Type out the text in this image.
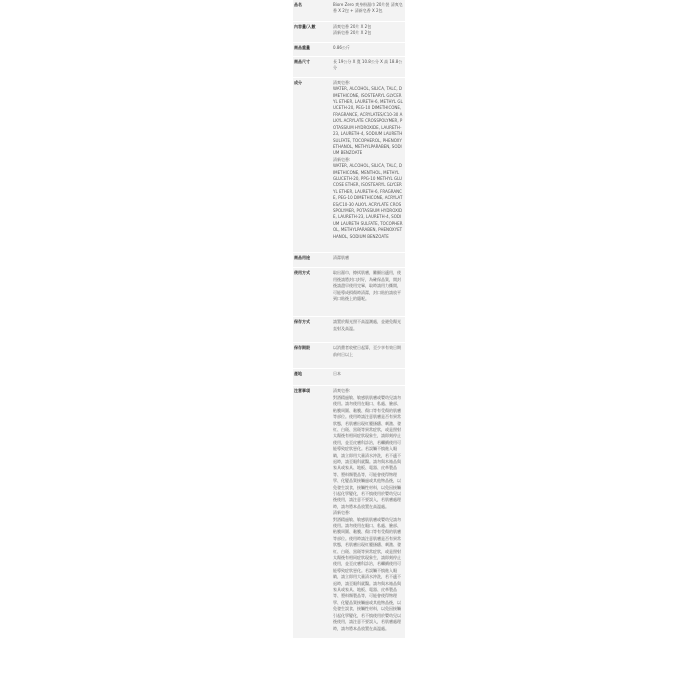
品名	Biore Zero 爽身粉濕巾 20片裝 清爽皂香 X 2包 + 清新皂香 X 2包
內容量/入數	清爽皂香 20片 X 2包
清新皂香 20片 X 2包
商品重量	0.86公斤
商品尺寸	長 19公分 X 寬 10.8公分 X 高 18.8公分
成分	清爽皂香:
WATER, ALCOHOL, SILICA, TALC, DIMETHICONE, ISOSTEARYL GLYCERYL ETHER, LAURETH-6, METHYL GLUCETH-20, PEG-10 DIMETHICONE, FRAGRANCE, ACRYLATES/C10-30 ALKYL ACRYLATE CROSSPOLYMER, POTASSIUM HYDROXIDE, LAURETH-23, LAURETH-4, SODIUM LAURETH SULFATE, TOCOPHEROL, PHENOXYETHANOL, METHYLPARABEN, SODIUM BENZOATE
清新皂香:
WATER, ALCOHOL, SILICA, TALC, DIMETHICONE, MENTHOL, METHYL GLUCETH-20, PPG-10 METHYL GLUCOSE ETHER, ISOSTEARYL GLYCERYL ETHER, LAURETH-6, FRAGRANCE, PEG-10 DIMETHICONE, ACRYLATES/C10-30 ALKYL ACRYLATE CROSSPOLYMER, POTASSIUM HYDROXIDE, LAURETH-23, LAURETH-4, SODIUM LAURETH SULFATE, TOCOPHEROL, METHYLPARABEN, PHENOXYETHANOL, SODIUM BENZOATE
商品用途	清潔肌膚
使用方式	取出濕巾，擦拭肌膚，難顯出適用，使用後請將封口封好，為確保品質，開封後請盡早使用完畢，取時請用力撕開，可能導成損傷時清潔，封口貼拍請放平到口貼後上的隱呢。
保存方式	請置於陽光照不高溫潮處，並避免陽光直射及高溫。
保存期限	以消費者收壁日起算，至少享有效日期前何日以上
產地	日本
注意事項	清爽皂香:
對酒精過敏、敏感肌肌膚或嬰幼兒請勿使用。請勿使用在眼口、私處、臉部、粘膜周圍、黏膜、傷口等有受傷的肌膚等部位。使用時請注意肌膚是否有異常狀態，若肌膚出現紅腫搔癢、刺激、發紅、白斑、黑斑等異常症狀，或是照射太陽後有相同症狀現象生，請即刻停止使用，並至皮膚科診治，若繼續使用可能導致症狀惡化。若誤觸不慎進入眼睛，請立即用大量清水沖洗，若不適不退時，請至眼科就醫。請勿與木箱品與家具或家具、地板、電器、皮革製品等、塑料類製品等，可能會使得物理學、化變品質接觸過或其他物品後，以免發生誤食，接觸性材料，以免因接觸引起化學變化，若不慎使用於嬰幼兒以後使用，請注意不要誤入，若肌膚處理時，請勿將本品放置在高溫處。
清新皂香:
對酒精過敏、敏感肌肌膚或嬰幼兒請勿使用。請勿使用在眼口、私處、臉部、粘膜周圍、黏膜、傷口等有受傷的肌膚等部位。使用時請注意肌膚是否有異常狀態，若肌膚出現紅腫搔癢、刺激、發紅、白斑、黑斑等異常症狀，或是照射太陽後有相同症狀現象生，請即刻停止使用，並至皮膚科診治，若繼續使用可能導致症狀惡化。若誤觸不慎進入眼睛，請立即用大量清水沖洗，若不適不退時，請至眼科就醫。請勿與木箱品與家具或家具、地板、電器、皮革製品等、塑料類製品等，可能會使得物理學、化變品質接觸過或其他物品後，以免發生誤食，接觸性材料，以免因接觸引起化學變化，若不慎使用於嬰幼兒以後使用，請注意不要誤入，若肌膚處理時，請勿將本品放置在高溫處。
